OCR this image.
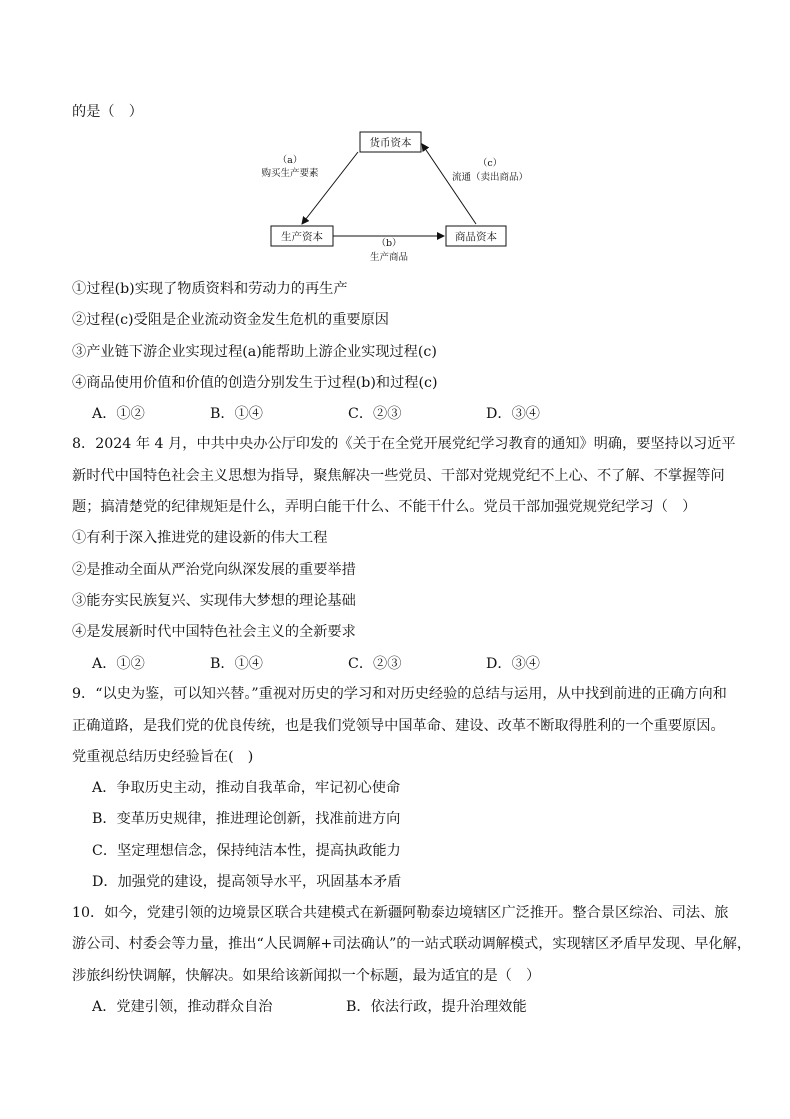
的是（　）
货币资本
生产资本	商品资本
（a）
购买生产要素
（b）
生产商品
（c）
流通（卖出商品）
①过程(b)实现了物质资料和劳动力的再生产
②过程(c)受阻是企业流动资金发生危机的重要原因
③产业链下游企业实现过程(a)能帮助上游企业实现过程(c)
④商品使用价值和价值的创造分别发生于过程(b)和过程(c)
A．①②	B．①④	C．②③	D．③④
8．2024 年 4 月，中共中央办公厅印发的《关于在全党开展党纪学习教育的通知》明确，要坚持以习近平
新时代中国特色社会主义思想为指导，聚焦解决一些党员、干部对党规党纪不上心、不了解、不掌握等问
题；搞清楚党的纪律规矩是什么，弄明白能干什么、不能干什么。党员干部加强党规党纪学习（　）
①有利于深入推进党的建设新的伟大工程
②是推动全面从严治党向纵深发展的重要举措
③能夯实民族复兴、实现伟大梦想的理论基础
④是发展新时代中国特色社会主义的全新要求
A．①②	B．①④	C．②③	D．③④
9．“以史为鉴，可以知兴替。”重视对历史的学习和对历史经验的总结与运用，从中找到前进的正确方向和
正确道路，是我们党的优良传统，也是我们党领导中国革命、建设、改革不断取得胜利的一个重要原因。
党重视总结历史经验旨在(　)
A．争取历史主动，推动自我革命，牢记初心使命
B．变革历史规律，推进理论创新，找准前进方向
C．坚定理想信念，保持纯洁本性，提高执政能力
D．加强党的建设，提高领导水平，巩固基本矛盾
10．如今，党建引领的边境景区联合共建模式在新疆阿勒泰边境辖区广泛推开。整合景区综治、司法、旅
游公司、村委会等力量，推出“人民调解+司法确认”的一站式联动调解模式，实现辖区矛盾早发现、早化解，
涉旅纠纷快调解，快解决。如果给该新闻拟一个标题，最为适宜的是（　）
A．党建引领，推动群众自治	B．依法行政，提升治理效能
